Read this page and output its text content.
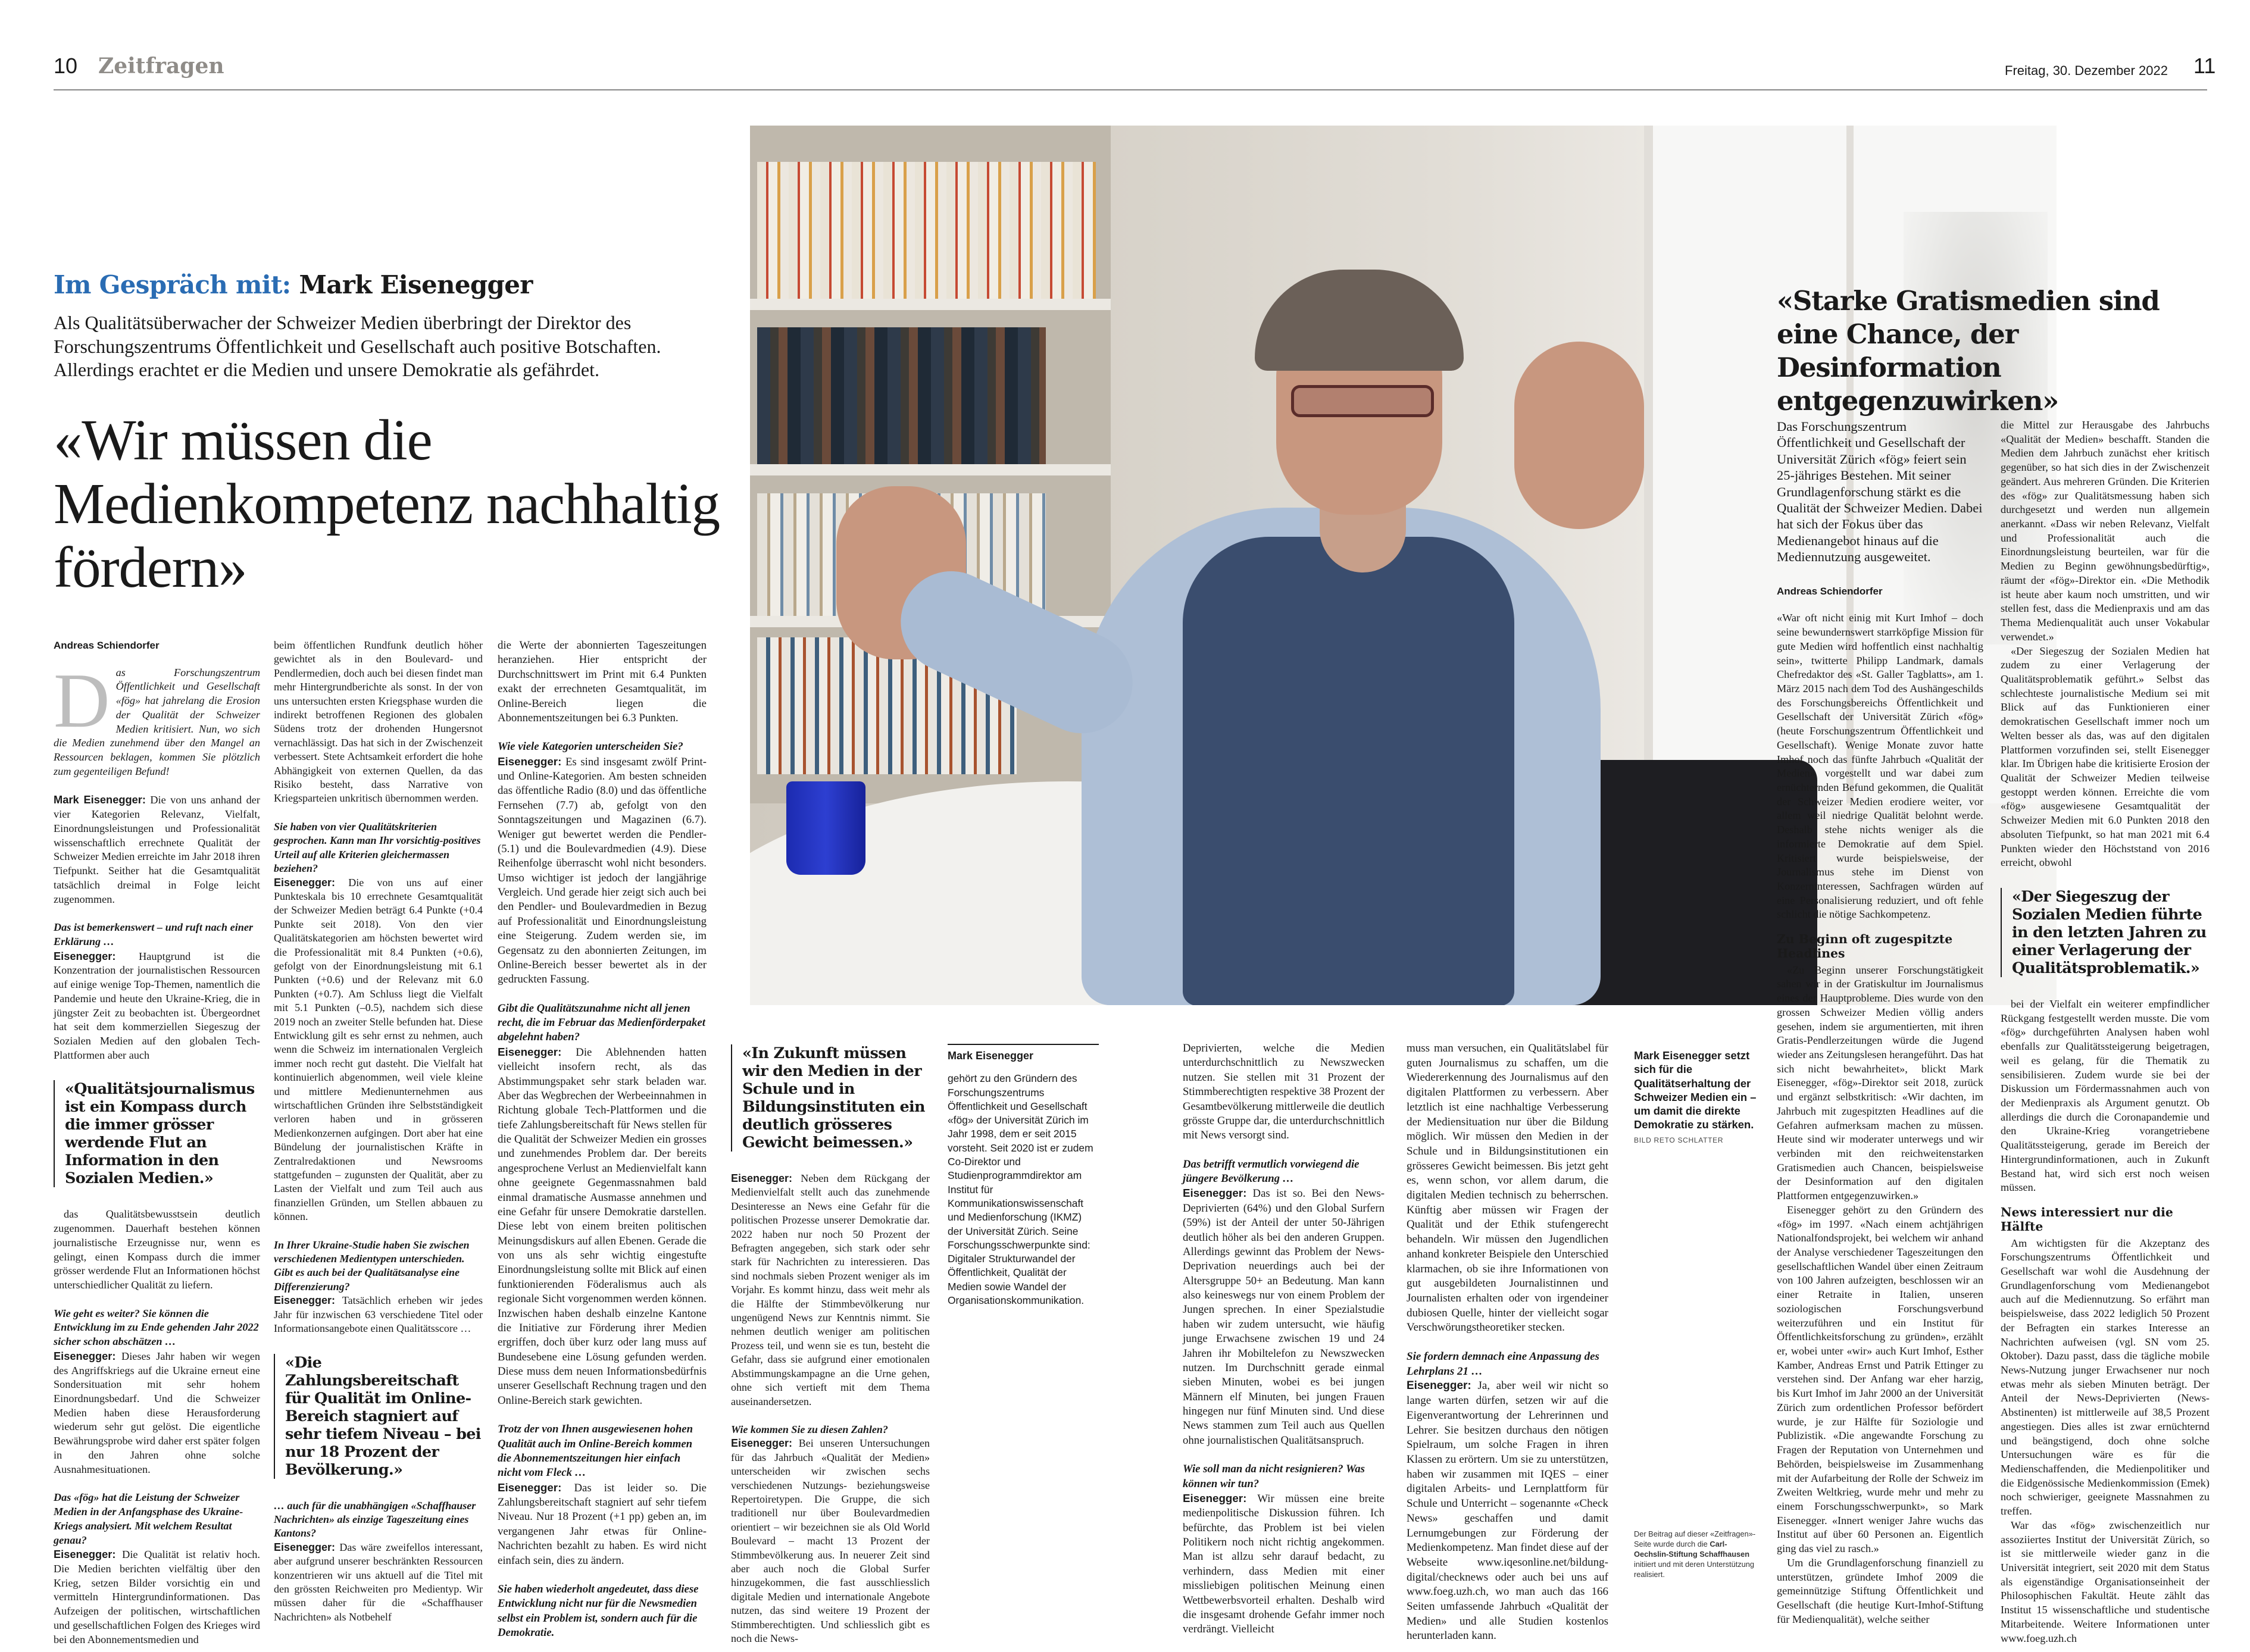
10 Zeitfragen	Freitag, 30. Dezember 2022 11
Im Gespräch mit: Mark Eisenegger
Als Qualitätsüberwacher der Schweizer Medien überbringt der Direktor des Forschungszentrums Öffentlichkeit und Gesellschaft auch positive Botschaften. Allerdings erachtet er die Medien und unsere Demokratie als gefährdet.
«Wir müssen die Medienkompetenz nachhaltig fördern»
Andreas Schiendorfer

Das Forschungszentrum Öffentlichkeit und Gesellschaft «fög» hat jahrelang die Erosion der Qualität der Schweizer Medien kritisiert. Nun, wo sich die Medien zunehmend über den Mangel an Ressourcen beklagen, kommen Sie plötzlich zum gegenteiligen Befund!

Mark Eisenegger: Die von uns anhand der vier Kategorien Relevanz, Vielfalt, Einordnungsleistungen und Professionalität wissenschaftlich errechnete Qualität der Schweizer Medien erreichte im Jahr 2018 ihren Tiefpunkt. Seither hat die Gesamtqualität tatsächlich dreimal in Folge leicht zugenommen.

Das ist bemerkenswert – und ruft nach einer Erklärung …

Eisenegger: Hauptgrund ist die Konzentration der journalistischen Ressourcen auf einige wenige Top-Themen, namentlich die Pandemie und heute den Ukraine-Krieg, die in jüngster Zeit zu beobachten ist. Übergeordnet hat seit dem kommerziellen Siegeszug der Sozialen Medien auf den globalen Tech-Plattformen aber auch

«Qualitätsjournalismus ist ein Kompass durch die immer grösser werdende Flut an Information in den Sozialen Medien.»

das Qualitätsbewusstsein deutlich zugenommen. Dauerhaft bestehen können journalistische Erzeugnisse nur, wenn es gelingt, einen Kompass durch die immer grösser werdende Flut an Informationen höchst unterschiedlicher Qualität zu liefern.

Wie geht es weiter? Sie können die Entwicklung im zu Ende gehenden Jahr 2022 sicher schon abschätzen …

Eisenegger: Dieses Jahr haben wir wegen des Angriffskriegs auf die Ukraine erneut eine Sondersituation mit sehr hohem Einordnungsbedarf. Und die Schweizer Medien haben diese Herausforderung wiederum sehr gut gelöst. Die eigentliche Bewährungsprobe wird daher erst später folgen in den Jahren ohne solche Ausnahmesituationen.

Das «fög» hat die Leistung der Schweizer Medien in der Anfangsphase des Ukraine-Kriegs analysiert. Mit welchem Resultat genau?

Eisenegger: Die Qualität ist relativ hoch. Die Medien berichten vielfältig über den Krieg, setzen Bilder vorsichtig ein und vermitteln Hintergrundinformationen. Das Aufzeigen der politischen, wirtschaftlichen und gesellschaftlichen Folgen des Krieges wird bei den Abonnementsmedien und

beim öffentlichen Rundfunk deutlich höher gewichtet als in den Boulevard- und Pendlermedien, doch auch bei diesen findet man mehr Hintergrundberichte als sonst. In der von uns untersuchten ersten Kriegsphase wurden die indirekt betroffenen Regionen des globalen Südens trotz der drohenden Hungersnot vernachlässigt. Das hat sich in der Zwischenzeit verbessert. Stete Achtsamkeit erfordert die hohe Abhängigkeit von externen Quellen, da das Risiko besteht, dass Narrative von Kriegsparteien unkritisch übernommen werden.

Sie haben von vier Qualitätskriterien gesprochen. Kann man Ihr vorsichtig-positives Urteil auf alle Kriterien gleichermassen beziehen?

Eisenegger: Die von uns auf einer Punkteskala bis 10 errechnete Gesamtqualität der Schweizer Medien beträgt 6.4 Punkte (+0.4 Punkte seit 2018). Von den vier Qualitätskategorien am höchsten bewertet wird die Professionalität mit 8.4 Punkten (+0.6), gefolgt von der Einordnungsleistung mit 6.1 Punkten (+0.6) und der Relevanz mit 6.0 Punkten (+0.7). Am Schluss liegt die Vielfalt mit 5.1 Punkten (–0.5), nachdem sich diese 2019 noch an zweiter Stelle befunden hat. Diese Entwicklung gilt es sehr ernst zu nehmen, auch wenn die Schweiz im internationalen Vergleich immer noch recht gut dasteht. Die Vielfalt hat kontinuierlich abgenommen, weil viele kleine und mittlere Medienunternehmen aus wirtschaftlichen Gründen ihre Selbstständigkeit verloren haben und in grösseren Medienkonzernen aufgingen. Dort aber hat eine Bündelung der journalistischen Kräfte in Zentralredaktionen und Newsrooms stattgefunden – zugunsten der Qualität, aber zu Lasten der Vielfalt und zum Teil auch aus finanziellen Gründen, um Stellen abbauen zu können.

In Ihrer Ukraine-Studie haben Sie zwischen verschiedenen Medientypen unterschieden. Gibt es auch bei der Qualitätsanalyse eine Differenzierung?

Eisenegger: Tatsächlich erheben wir jedes Jahr für inzwischen 63 verschiedene Titel oder Informationsangebote einen Qualitätsscore …

«Die Zahlungsbereitschaft für Qualität im Online-Bereich stagniert auf sehr tiefem Niveau – bei nur 18 Prozent der Bevölkerung.»

… auch für die unabhängigen «Schaffhauser Nachrichten» als einzige Tageszeitung eines Kantons?

Eisenegger: Das wäre zweifellos interessant, aber aufgrund unserer beschränkten Ressourcen konzentrieren wir uns aktuell auf die Titel mit den grössten Reichweiten pro Medientyp. Wir müssen daher für die «Schaffhauser Nachrichten» als Notbehelf

die Werte der abonnierten Tageszeitungen heranziehen. Hier entspricht der Durchschnittswert im Print mit 6.4 Punkten exakt der errechneten Gesamtqualität, im Online-Bereich liegen die Abonnementszeitungen bei 6.3 Punkten.

Wie viele Kategorien unterscheiden Sie?

Eisenegger: Es sind insgesamt zwölf Print- und Online-Kategorien. Am besten schneiden das öffentliche Radio (8.0) und das öffentliche Fernsehen (7.7) ab, gefolgt von den Sonntagszeitungen und Magazinen (6.7). Weniger gut bewertet werden die Pendler- (5.1) und die Boulevardmedien (4.9). Diese Reihenfolge überrascht wohl nicht besonders. Umso wichtiger ist jedoch der langjährige Vergleich. Und gerade hier zeigt sich auch bei den Pendler- und Boulevardmedien in Bezug auf Professionalität und Einordnungsleistung eine Steigerung. Zudem werden sie, im Gegensatz zu den abonnierten Zeitungen, im Online-Bereich besser bewertet als in der gedruckten Fassung.

Gibt die Qualitätszunahme nicht all jenen recht, die im Februar das Medienförderpaket abgelehnt haben?

Eisenegger: Die Ablehnenden hatten vielleicht insofern recht, als das Abstimmungspaket sehr stark beladen war. Aber das Wegbrechen der Werbeeinnahmen in Richtung globale Tech-Plattformen und die tiefe Zahlungsbereitschaft für News stellen für die Qualität der Schweizer Medien ein grosses und zunehmendes Problem dar. Der bereits angesprochene Verlust an Medienvielfalt kann ohne geeignete Gegenmassnahmen bald einmal dramatische Ausmasse annehmen und eine Gefahr für unsere Demokratie darstellen. Diese lebt von einem breiten politischen Meinungsdiskurs auf allen Ebenen. Gerade die von uns als sehr wichtig eingestufte Einordnungsleistung sollte mit Blick auf einen funktionierenden Föderalismus auch als regionale Sicht vorgenommen werden können. Inzwischen haben deshalb einzelne Kantone die Initiative zur Förderung ihrer Medien ergriffen, doch über kurz oder lang muss auf Bundesebene eine Lösung gefunden werden. Diese muss dem neuen Informationsbedürfnis unserer Gesellschaft Rechnung tragen und den Online-Bereich stark gewichten.

Trotz der von Ihnen ausgewiesenen hohen Qualität auch im Online-Bereich kommen die Abonnementszeitungen hier einfach nicht vom Fleck …

Eisenegger: Das ist leider so. Die Zahlungsbereitschaft stagniert auf sehr tiefem Niveau. Nur 18 Prozent (+1 pp) geben an, im vergangenen Jahr etwas für Online-Nachrichten bezahlt zu haben. Es wird nicht einfach sein, dies zu ändern.

Sie haben wiederholt angedeutet, dass diese Entwicklung nicht nur für die Newsmedien selbst ein Problem ist, sondern auch für die Demokratie.

«In Zukunft müssen wir den Medien in der Schule und in Bildungsinstituten ein deutlich grösseres Gewicht beimessen.»

Eisenegger: Neben dem Rückgang der Medienvielfalt stellt auch das zunehmende Desinteresse an News eine Gefahr für die politischen Prozesse unserer Demokratie dar. 2022 haben nur noch 50 Prozent der Befragten angegeben, sich stark oder sehr stark für Nachrichten zu interessieren. Das sind nochmals sieben Prozent weniger als im Vorjahr. Es kommt hinzu, dass weit mehr als die Hälfte der Stimmbevölkerung nur ungenügend News zur Kenntnis nimmt. Sie nehmen deutlich weniger am politischen Prozess teil, und wenn sie es tun, besteht die Gefahr, dass sie aufgrund einer emotionalen Abstimmungskampagne an die Urne gehen, ohne sich vertieft mit dem Thema auseinandersetzen.

Wie kommen Sie zu diesen Zahlen?

Eisenegger: Bei unseren Untersuchungen für das Jahrbuch «Qualität der Medien» unterscheiden wir zwischen sechs verschiedenen Nutzungs- beziehungsweise Repertoiretypen. Die Gruppe, die sich traditionell nur über Boulevardmedien orientiert – wir bezeichnen sie als Old World Boulevard – macht 13 Prozent der Stimmbevölkerung aus. In neuerer Zeit sind aber auch noch die Global Surfer hinzugekommen, die fast ausschliesslich digitale Medien und internationale Angebote nutzen, das sind weitere 19 Prozent der Stimmberechtigten. Und schliesslich gibt es noch die News-

Deprivierten, welche die Medien unterdurchschnittlich zu Newszwecken nutzen. Sie stellen mit 31 Prozent der Stimmberechtigten respektive 38 Prozent der Gesamtbevölkerung mittlerweile die deutlich grösste Gruppe dar, die unterdurchschnittlich mit News versorgt sind.

Das betrifft vermutlich vorwiegend die jüngere Bevölkerung …

Eisenegger: Das ist so. Bei den News-Deprivierten (64%) und den Global Surfern (59%) ist der Anteil der unter 50-Jährigen deutlich höher als bei den anderen Gruppen. Allerdings gewinnt das Problem der News-Deprivation neuerdings auch bei der Altersgruppe 50+ an Bedeutung. Man kann also keineswegs nur von einem Problem der Jungen sprechen. In einer Spezialstudie haben wir zudem untersucht, wie häufig junge Erwachsene zwischen 19 und 24 Jahren ihr Mobiltelefon zu Newszwecken nutzen. Im Durchschnitt gerade einmal sieben Minuten, wobei es bei jungen Männern elf Minuten, bei jungen Frauen hingegen nur fünf Minuten sind. Und diese News stammen zum Teil auch aus Quellen ohne journalistischen Qualitätsanspruch.

Wie soll man da nicht resignieren? Was können wir tun?

Eisenegger: Wir müssen eine breite medienpolitische Diskussion führen. Ich befürchte, das Problem ist bei vielen Politikern noch nicht richtig angekommen. Man ist allzu sehr darauf bedacht, zu verhindern, dass Medien mit einer missliebigen politischen Meinung einen Wettbewerbsvorteil erhalten. Deshalb wird die insgesamt drohende Gefahr immer noch verdrängt. Vielleicht

muss man versuchen, ein Qualitätslabel für guten Journalismus zu schaffen, um die Wiedererkennung des Journalismus auf den digitalen Plattformen zu verbessern. Aber letztlich ist eine nachhaltige Verbesserung der Mediensituation nur über die Bildung möglich. Wir müssen den Medien in der Schule und in Bildungsinstitutionen ein grösseres Gewicht beimessen. Bis jetzt geht es, wenn schon, vor allem darum, die digitalen Medien technisch zu beherrschen. Künftig aber müssen wir Fragen der Qualität und der Ethik stufengerecht behandeln. Wir müssen den Jugendlichen anhand konkreter Beispiele den Unterschied klarmachen, ob sie ihre Informationen von gut ausgebildeten Journalistinnen und Journalisten erhalten oder von irgendeiner dubiosen Quelle, hinter der vielleicht sogar Verschwörungstheoretiker stecken.

Sie fordern demnach eine Anpassung des Lehrplans 21 …

Eisenegger: Ja, aber weil wir nicht so lange warten dürfen, setzen wir auf die Eigenverantwortung der Lehrerinnen und Lehrer. Sie besitzen durchaus den nötigen Spielraum, um solche Fragen in ihren Klassen zu erörtern. Um sie zu unterstützen, haben wir zusammen mit IQES – einer digitalen Arbeits- und Lernplattform für Schule und Unterricht – sogenannte «Check News» geschaffen und damit Lernumgebungen zur Förderung der Medienkompetenz. Man findet diese auf der Webseite www.iqesonline.net/bildung-digital/checknews oder auch bei uns auf www.foeg.uzh.ch, wo man auch das 166 Seiten umfassende Jahrbuch «Qualität der Medien» und alle Studien kostenlos herunterladen kann.

Mark Eisenegger
gehört zu den Gründern des Forschungszentrums Öffentlichkeit und Gesellschaft «fög» der Universität Zürich im Jahr 1998, dem er seit 2015 vorsteht. Seit 2020 ist er zudem Co-Direktor und Studienprogrammdirektor am Institut für Kommunikationswissenschaft und Medienforschung (IKMZ) der Universität Zürich. Seine Forschungsschwerpunkte sind: Digitaler Strukturwandel der Öffentlichkeit, Qualität der Medien sowie Wandel der Organisationskommunikation.
Mark Eisenegger setzt sich für die Qualitätserhaltung der Schweizer Medien ein – um damit die direkte Demokratie zu stärken.
BILD RETO SCHLATTER
Der Beitrag auf dieser «Zeitfragen»-Seite wurde durch die Carl-Oechslin-Stiftung Schaffhausen initiiert und mit deren Unterstützung realisiert.
«Starke Gratismedien sind eine Chance, der Desinformation entgegenzuwirken»
Das Forschungszentrum Öffentlichkeit und Gesellschaft der Universität Zürich «fög» feiert sein 25-jähriges Bestehen. Mit seiner Grundlagenforschung stärkt es die Qualität der Schweizer Medien. Dabei hat sich der Fokus über das Medienangebot hinaus auf die Mediennutzung ausgeweitet.
Andreas Schiendorfer

«War oft nicht einig mit Kurt Imhof – doch seine bewundernswert starrköpfige Mission für gute Medien wird hoffentlich einst nachhaltig sein», twitterte Philipp Landmark, damals Chefredaktor des «St. Galler Tagblatts», am 1. März 2015 nach dem Tod des Aushängeschilds des Forschungsbereichs Öffentlichkeit und Gesellschaft der Universität Zürich «fög» (heute Forschungszentrum Öffentlichkeit und Gesellschaft). Wenige Monate zuvor hatte Imhof noch das fünfte Jahrbuch «Qualität der Medien» vorgestellt und war dabei zum ernüchternden Befund gekommen, die Qualität der Schweizer Medien erodiere weiter, vor allem weil niedrige Qualität belohnt werde. Deshalb stehe nichts weniger als die informierte Demokratie auf dem Spiel. Kritisiert wurde beispielsweise, der Journalismus stehe im Dienst von Konzerninteressen, Sachfragen würden auf eine Personalisierung reduziert, und oft fehle schlicht die nötige Sachkompetenz.

Zu Beginn oft zugespitzte Headlines

«Zu Beginn unserer Forschungstätigkeit sahen wir in der Gratiskultur im Journalismus eines der Hauptprobleme. Dies wurde von den grossen Schweizer Medien völlig anders gesehen, indem sie argumentierten, mit ihren Gratis-Pendlerzeitungen würde die Jugend wieder ans Zeitungslesen herangeführt. Das hat sich nicht bewahrheitet», blickt Mark Eisenegger, «fög»-Direktor seit 2018, zurück und ergänzt selbstkritisch: «Wir dachten, im Jahrbuch mit zugespitzten Headlines auf die Gefahren aufmerksam machen zu müssen. Heute sind wir moderater unterwegs und wir verbinden mit den reichweitenstarken Gratismedien auch Chancen, beispielsweise der Desinformation auf den digitalen Plattformen entgegenzuwirken.»

Eisenegger gehört zu den Gründern des «fög» im 1997. «Nach einem achtjährigen Nationalfondsprojekt, bei welchem wir anhand der Analyse verschiedener Tageszeitungen den gesellschaftlichen Wandel über einen Zeitraum von 100 Jahren aufzeigten, beschlossen wir an einer Retraite in Italien, unseren soziologischen Forschungsverbund weiterzuführen und ein Institut für Öffentlichkeitsforschung zu gründen», erzählt er, wobei unter «wir» auch Kurt Imhof, Esther Kamber, Andreas Ernst und Patrik Ettinger zu verstehen sind. Der Anfang war eher harzig, bis Kurt Imhof im Jahr 2000 an der Universität Zürich zum ordentlichen Professor befördert wurde, je zur Hälfte für Soziologie und Publizistik. «Die angewandte Forschung zu Fragen der Reputation von Unternehmen und Behörden, beispielsweise im Zusammenhang mit der Aufarbeitung der Rolle der Schweiz im Zweiten Weltkrieg, wurde mehr und mehr zu einem Forschungsschwerpunkt», so Mark Eisenegger. «Innert weniger Jahre wuchs das Institut auf über 60 Personen an. Eigentlich ging das viel zu rasch.»

Um die Grundlagenforschung finanziell zu unterstützen, gründete Imhof 2009 die gemeinnützige Stiftung Öffentlichkeit und Gesellschaft (die heutige Kurt-Imhof-Stiftung für Medienqualität), welche seither

die Mittel zur Herausgabe des Jahrbuchs «Qualität der Medien» beschafft. Standen die Medien dem Jahrbuch zunächst eher kritisch gegenüber, so hat sich dies in der Zwischenzeit geändert. Aus mehreren Gründen. Die Kriterien des «fög» zur Qualitätsmessung haben sich durchgesetzt und werden nun allgemein anerkannt. «Dass wir neben Relevanz, Vielfalt und Professionalität auch die Einordnungsleistung beurteilen, war für die Medien zu Beginn gewöhnungsbedürftig», räumt der «fög»-Direktor ein. «Die Methodik ist heute aber kaum noch umstritten, und wir stellen fest, dass die Medienpraxis und am das Thema Medienqualität auch unser Vokabular verwendet.»

«Der Siegeszug der Sozialen Medien hat zudem zu einer Verlagerung der Qualitätsproblematik geführt.» Selbst das schlechteste journalistische Medium sei mit Blick auf das Funktionieren einer demokratischen Gesellschaft immer noch um Welten besser als das, was auf den digitalen Plattformen vorzufinden sei, stellt Eisenegger klar. Im Übrigen habe die kritisierte Erosion der Qualität der Schweizer Medien teilweise gestoppt werden können. Erreichte die vom «fög» ausgewiesene Gesamtqualität der Schweizer Medien mit 6.0 Punkten 2018 den absoluten Tiefpunkt, so hat man 2021 mit 6.4 Punkten wieder den Höchststand von 2016 erreicht, obwohl

«Der Siegeszug der Sozialen Medien führte in den letzten Jahren zu einer Verlagerung der Qualitätsproblematik.»

bei der Vielfalt ein weiterer empfindlicher Rückgang festgestellt werden musste. Die vom «fög» durchgeführten Analysen haben wohl ebenfalls zur Qualitätssteigerung beigetragen, weil es gelang, für die Thematik zu sensibilisieren. Zudem wurde sie bei der Diskussion um Fördermassnahmen auch von der Medienpraxis als Argument genutzt. Ob allerdings die durch die Coronapandemie und den Ukraine-Krieg vorangetriebene Qualitätssteigerung, gerade im Bereich der Hintergrundinformationen, auch in Zukunft Bestand hat, wird sich erst noch weisen müssen.

News interessiert nur die Hälfte

Am wichtigsten für die Akzeptanz des Forschungszentrums Öffentlichkeit und Gesellschaft war wohl die Ausdehnung der Grundlagenforschung vom Medienangebot auch auf die Mediennutzung. So erfährt man beispielsweise, dass 2022 lediglich 50 Prozent der Befragten ein starkes Interesse an Nachrichten aufweisen (vgl. SN vom 25. Oktober). Dazu passt, dass die tägliche mobile News-Nutzung junger Erwachsener nur noch etwas mehr als sieben Minuten beträgt. Der Anteil der News-Deprivierten (News-Abstinenten) ist mittlerweile auf 38,5 Prozent angestiegen. Dies alles ist zwar ernüchternd und beängstigend, doch ohne solche Untersuchungen wäre es für die Medienschaffenden, die Medienpolitiker und die Eidgenössische Medienkommission (Emek) noch schwieriger, geeignete Massnahmen zu treffen.

War das «fög» zwischenzeitlich nur assoziiertes Institut der Universität Zürich, so ist sie mittlerweile wieder ganz in die Universität integriert, seit 2020 mit dem Status als eigenständige Organisationseinheit der Philosophischen Fakultät. Heute zählt das Institut 15 wissenschaftliche und studentische Mitarbeitende. Weitere Informationen unter www.foeg.uzh.ch
